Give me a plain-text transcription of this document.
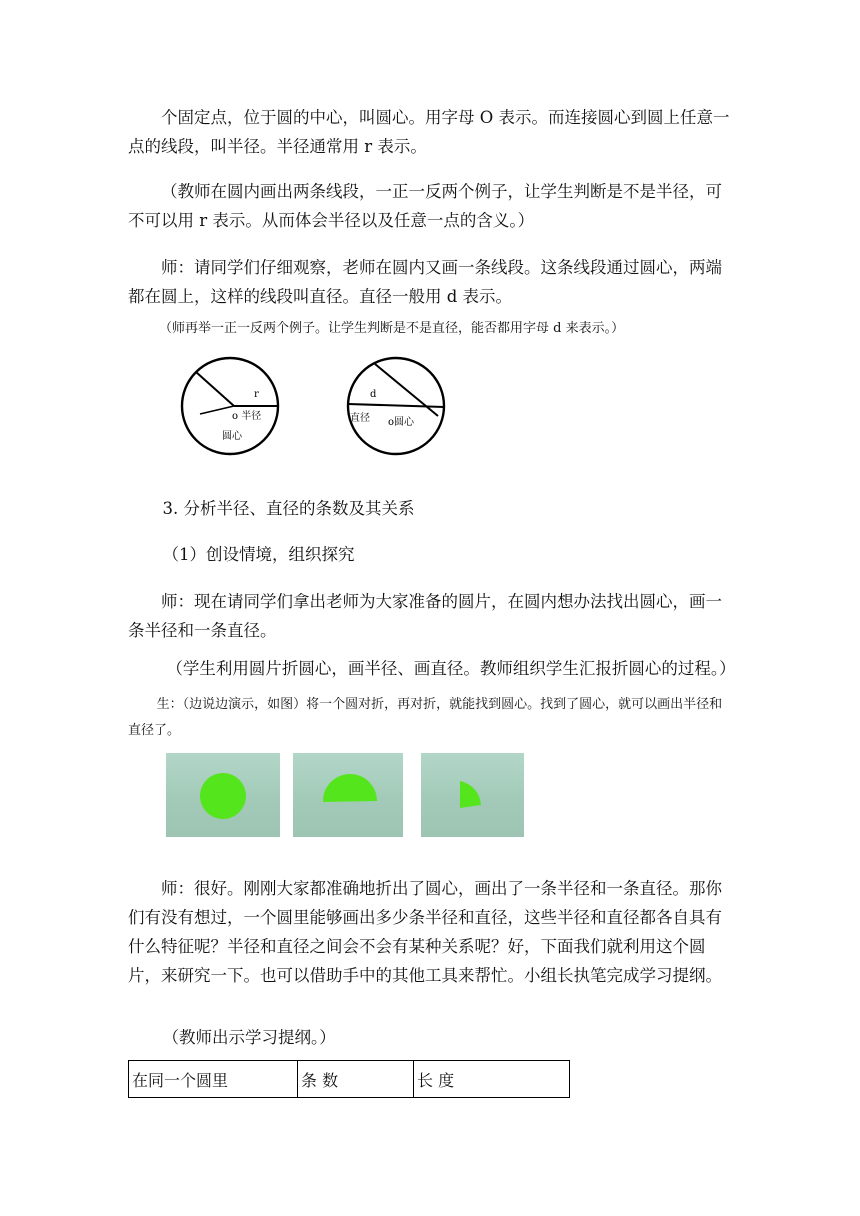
个固定点，位于圆的中心，叫圆心。用字母 O 表示。而连接圆心到圆上任意一点的线段，叫半径。半径通常用 r 表示。

（教师在圆内画出两条线段，一正一反两个例子，让学生判断是不是半径，可不可以用 r 表示。从而体会半径以及任意一点的含义。）

师：请同学们仔细观察，老师在圆内又画一条线段。这条线段通过圆心，两端都在圆上，这样的线段叫直径。直径一般用 d 表示。

（师再举一正一反两个例子。让学生判断是不是直径，能否都用字母 d 来表示。）

r
o 半径
圆心
d
直径 o圆心

3. 分析半径、直径的条数及其关系

（1）创设情境，组织探究

师：现在请同学们拿出老师为大家准备的圆片，在圆内想办法找出圆心，画一条半径和一条直径。

（学生利用圆片折圆心，画半径、画直径。教师组织学生汇报折圆心的过程。）

生：（边说边演示，如图）将一个圆对折，再对折，就能找到圆心。找到了圆心，就可以画出半径和直径了。

师：很好。刚刚大家都准确地折出了圆心，画出了一条半径和一条直径。那你们有没有想过，一个圆里能够画出多少条半径和直径，这些半径和直径都各自具有什么特征呢？半径和直径之间会不会有某种关系呢？好，下面我们就利用这个圆片，来研究一下。也可以借助手中的其他工具来帮忙。小组长执笔完成学习提纲。

（教师出示学习提纲。）

在同一个圆里	条 数	长 度
